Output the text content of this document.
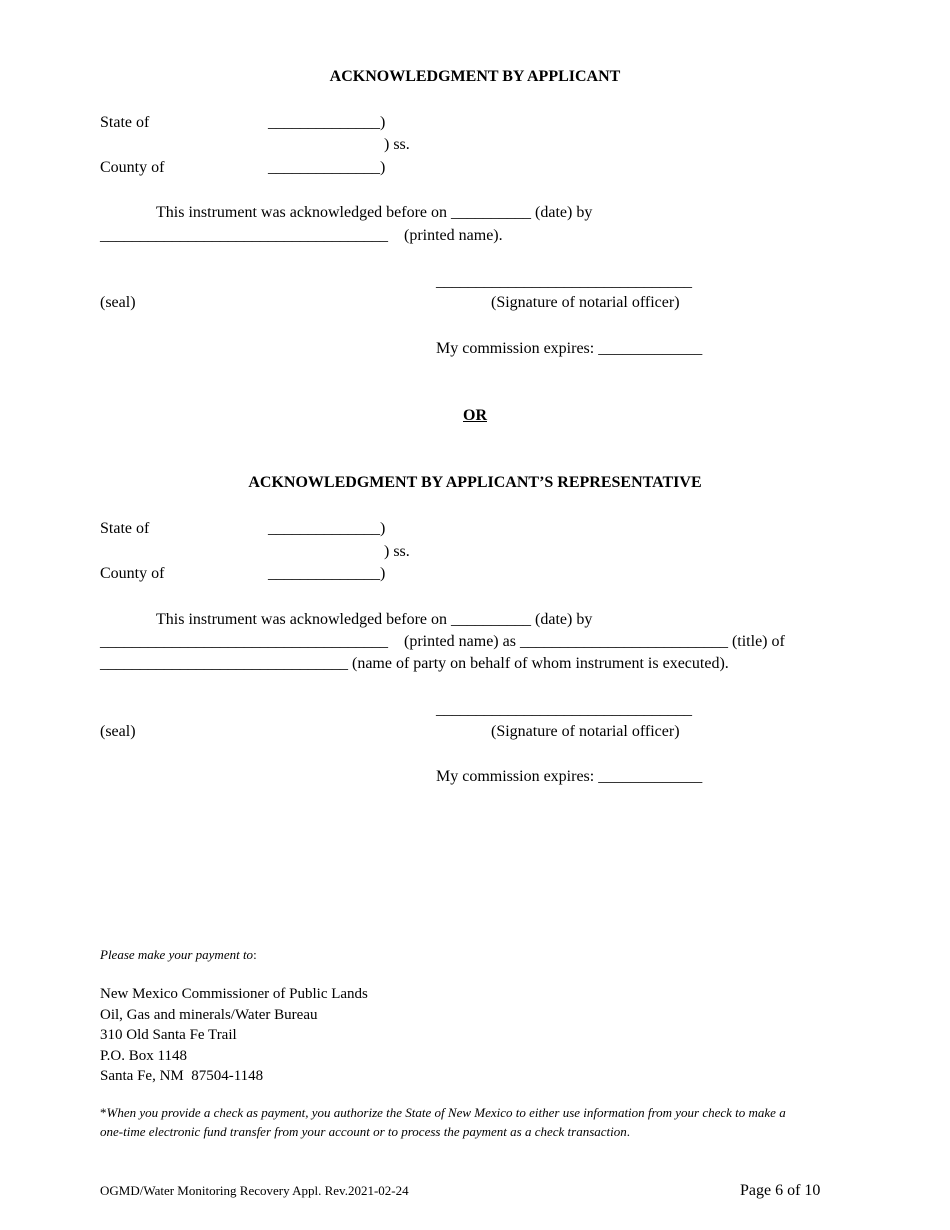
ACKNOWLEDGMENT BY APPLICANT
State of	______________)
) ss.
County of	______________)
This instrument was acknowledged before on __________ (date) by
____________________________________    (printed name).
________________________________
(seal)	(Signature of notarial officer)
My commission expires: _____________
OR
ACKNOWLEDGMENT BY APPLICANT’S REPRESENTATIVE
State of	______________)
) ss.
County of	______________)
This instrument was acknowledged before on __________ (date) by
____________________________________    (printed name) as __________________________ (title) of
_______________________________ (name of party on behalf of whom instrument is executed).
________________________________
(seal)	(Signature of notarial officer)
My commission expires: _____________
Please make your payment to:
New Mexico Commissioner of Public Lands
Oil, Gas and minerals/Water Bureau
310 Old Santa Fe Trail
P.O. Box 1148
Santa Fe, NM  87504-1148
*When you provide a check as payment, you authorize the State of New Mexico to either use information from your check to make a
one-time electronic fund transfer from your account or to process the payment as a check transaction.
OGMD/Water Monitoring Recovery Appl. Rev.2021-02-24	Page 6 of 10
